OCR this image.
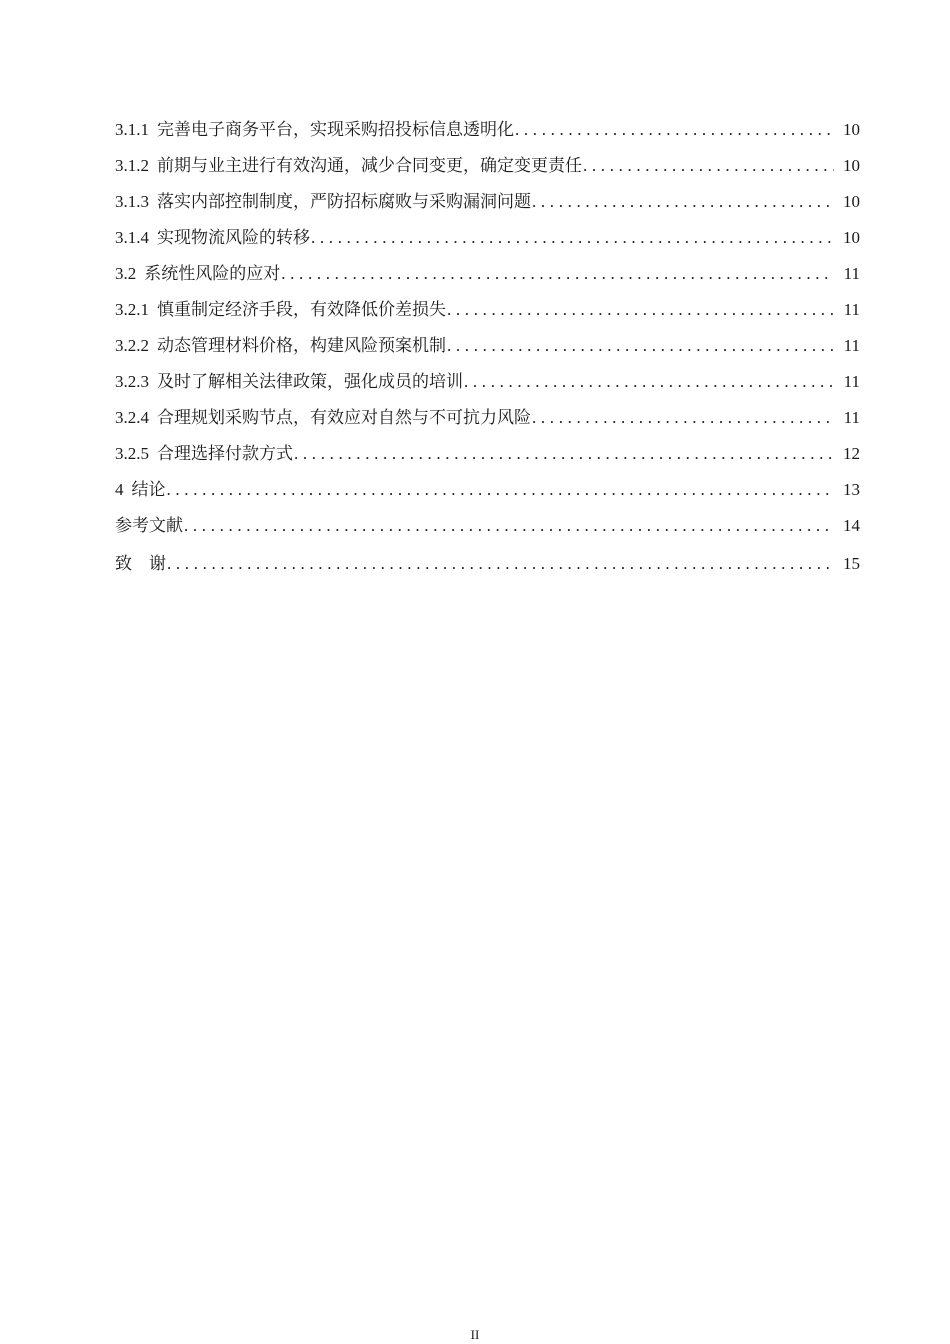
3.1.1 完善电子商务平台，实现采购招投标信息透明化 . . .	10
3.1.2 前期与业主进行有效沟通，减少合同变更，确定变更责任 . . .	10
3.1.3 落实内部控制制度，严防招标腐败与采购漏洞问题 . . .	10
3.1.4 实现物流风险的转移 . . .	10
3.2 系统性风险的应对 . . .	11
3.2.1 慎重制定经济手段，有效降低价差损失 . . .	11
3.2.2 动态管理材料价格，构建风险预案机制 . . .	11
3.2.3 及时了解相关法律政策，强化成员的培训 . . .	11
3.2.4 合理规划采购节点，有效应对自然与不可抗力风险 . . .	11
3.2.5 合理选择付款方式 . . .	12
4 结论 . . .	13
参考文献 . . .	14
致　谢 . . .	15
II
